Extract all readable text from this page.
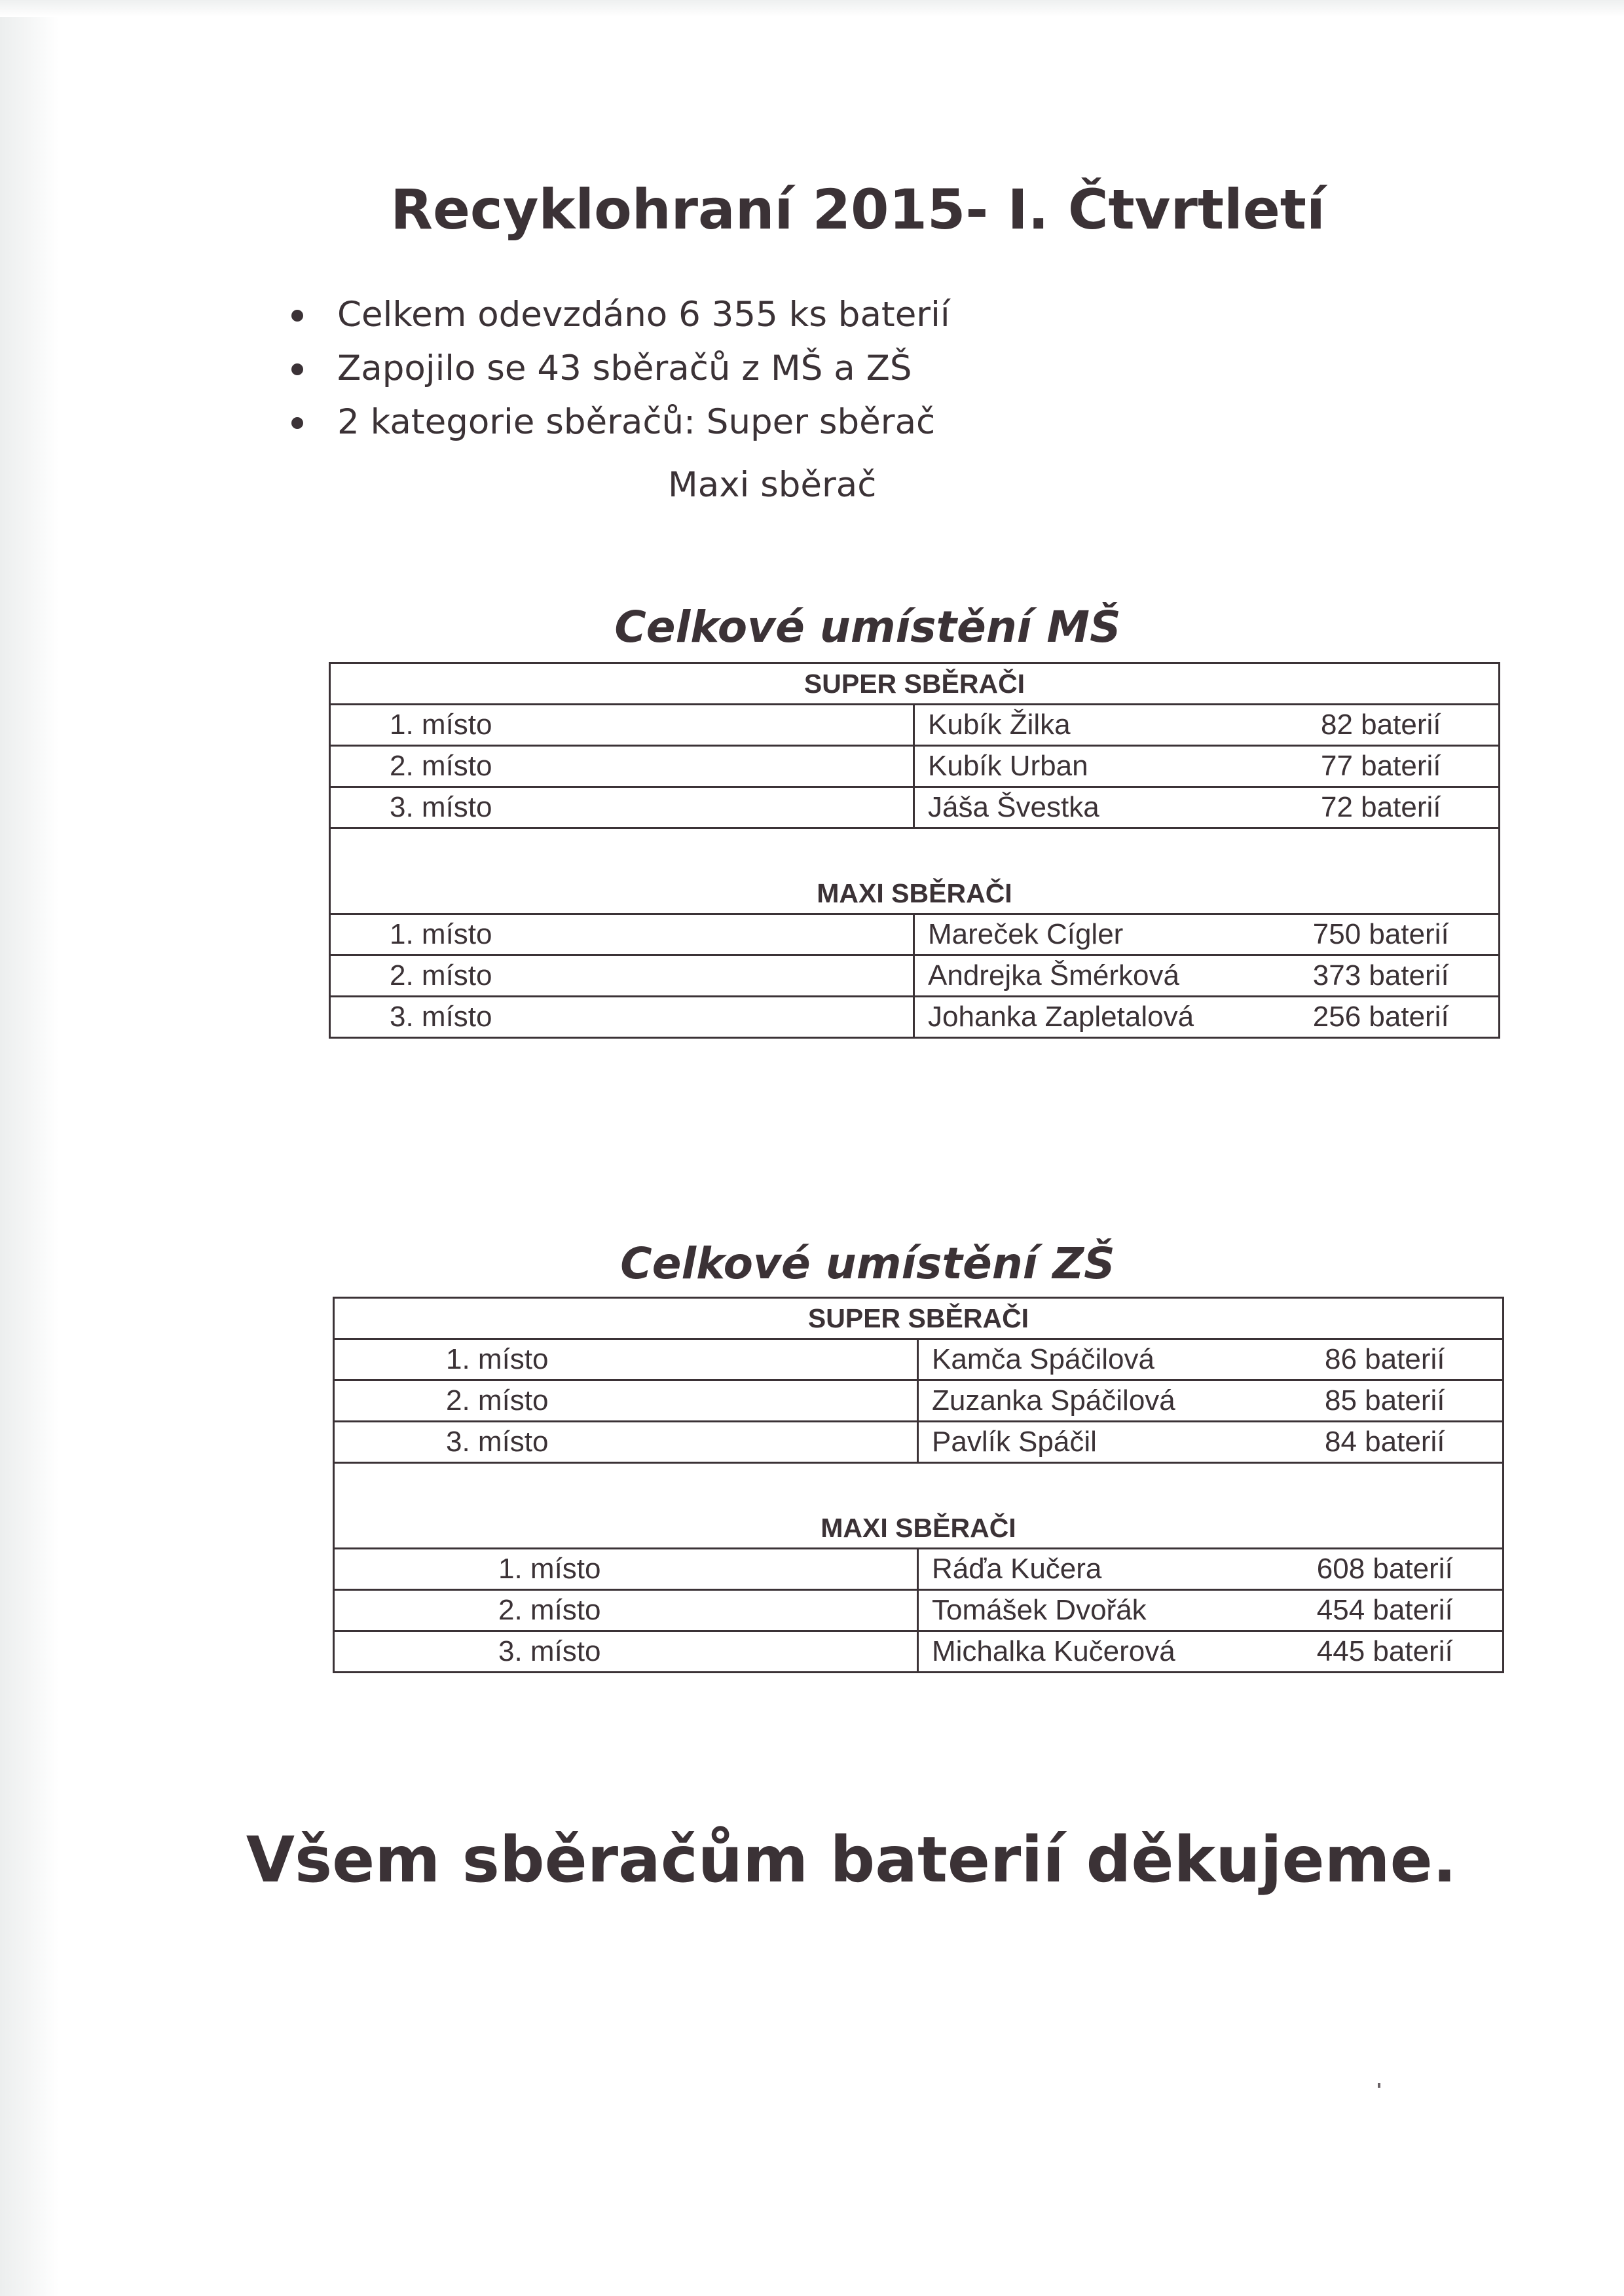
Recyklohraní 2015- I. Čtvrtletí
Celkem odevzdáno 6 355 ks baterií
Zapojilo se 43 sběračů z MŠ a ZŠ
2 kategorie sběračů: Super sběrač
Maxi sběrač
Celkové umístění MŠ
SUPER SBĚRAČI		
1. místo	Kubík Žilka	82 baterií
2. místo	Kubík Urban	77 baterií
3. místo	Jáša Švestka	72 baterií
MAXI SBĚRAČI		
1. místo	Mareček Cígler	750 baterií
2. místo	Andrejka Šmérková	373 baterií
3. místo	Johanka Zapletalová	256 baterií
Celkové umístění ZŠ
SUPER SBĚRAČI		
1. místo	Kamča Spáčilová	86 baterií
2. místo	Zuzanka Spáčilová	85 baterií
3. místo	Pavlík Spáčil	84 baterií
MAXI SBĚRAČI		
1. místo	Ráďa Kučera	608 baterií
2. místo	Tomášek Dvořák	454 baterií
3. místo	Michalka Kučerová	445 baterií
Všem sběračům baterií děkujeme.
